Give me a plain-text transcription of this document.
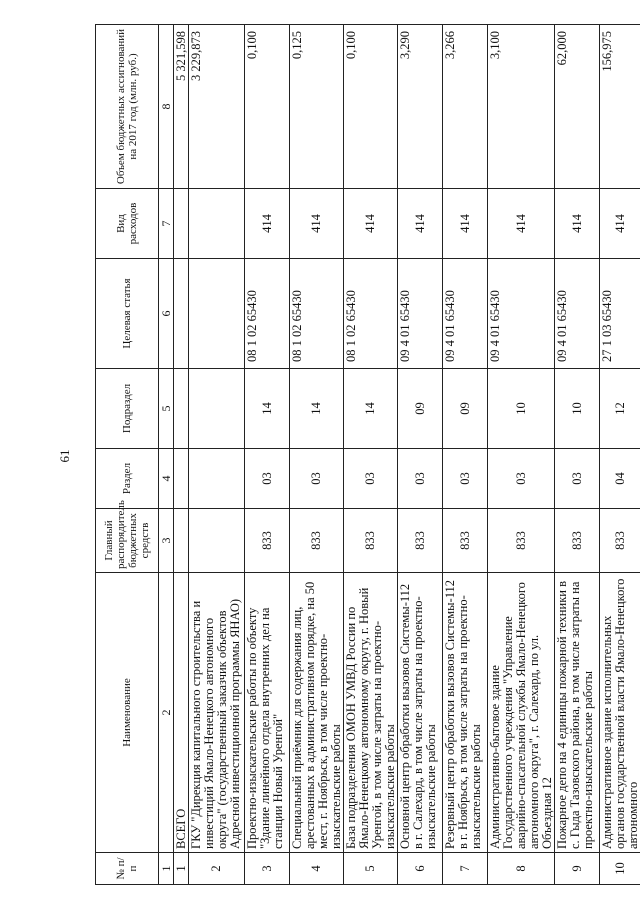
61
№ п/п	Наименование	Главный распорядитель бюджетных средств	Раздел	Подраздел	Целевая статья	Вид расходов	Объем бюджетных ассигнований на 2017 год (млн. руб.)
1	2	3	4	5	6	7	8
1	ВСЕГО						5 321,598
2	ГКУ "Дирекция капитального строительства и инвестиций Ямало-Ненецкого автономного округа" (государственный заказчик объектов Адресной инвестиционной программы ЯНАО)						3 229,873
3	Проектно-изыскательские работы по объекту "Здание линейного отдела внутренних дел на станции Новый Уренгой"	833	03	14	08 1 02 65430	414	0,100
4	Специальный приёмник для содержания лиц, арестованных в административном порядке, на 50 мест, г. Ноябрьск, в том числе проектно-изыскательские работы	833	03	14	08 1 02 65430	414	0,125
5	База подразделения ОМОН УМВД России по Ямало-Ненецкому автономному округу, г. Новый Уренгой, в том числе затраты на проектно-изыскательские работы	833	03	14	08 1 02 65430	414	0,100
6	Основной центр обработки вызовов Системы-112 в г. Салехард, в том числе затраты на проектно-изыскательские работы	833	03	09	09 4 01 65430	414	3,290
7	Резервный центр обработки вызовов Системы-112 в г. Ноябрьск, в том числе затраты на проектно-изыскательские работы	833	03	09	09 4 01 65430	414	3,266
8	Административно-бытовое здание Государственного учреждения "Управление аварийно-спасательной службы Ямало-Ненецкого автономного округа", г. Салехард, по ул. Объездная 12	833	03	10	09 4 01 65430	414	3,100
9	Пожарное депо на 4 единицы пожарной техники в с. Гыда Тазовского района, в том числе затраты на проектно-изыскательские работы	833	03	10	09 4 01 65430	414	62,000
10	Административное здание исполнительных органов государственной власти Ямало-Ненецкого автономного	833	04	12	27 1 03 65430	414	156,975
